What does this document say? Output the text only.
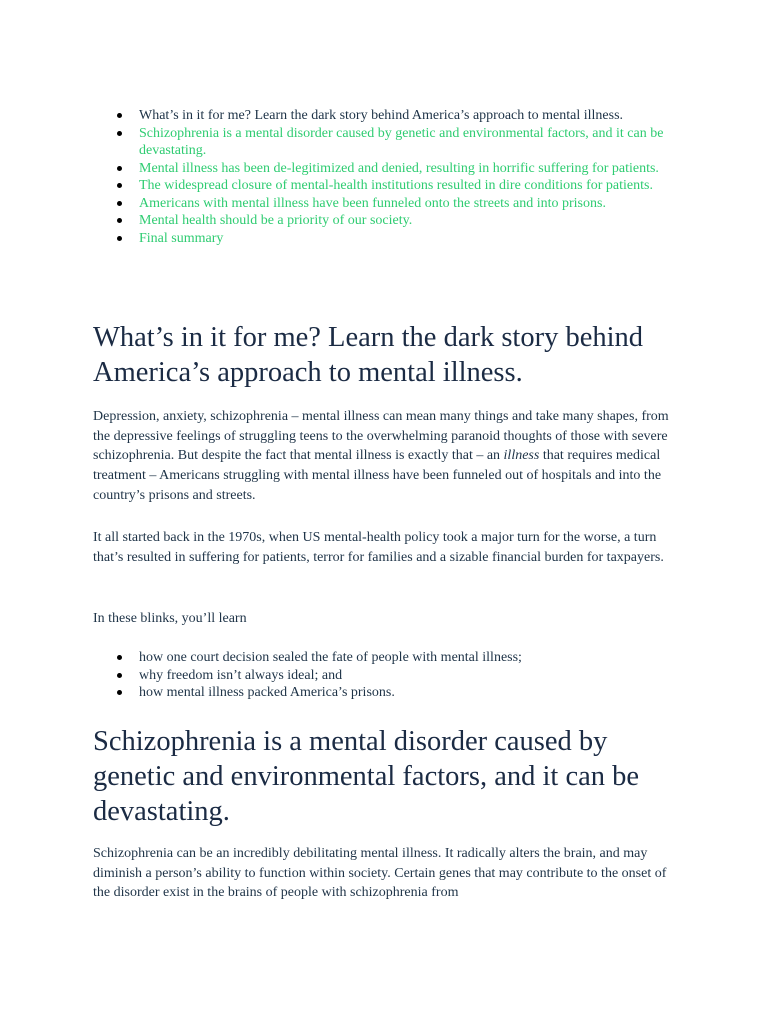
What’s in it for me? Learn the dark story behind America’s approach to mental illness.
Schizophrenia is a mental disorder caused by genetic and environmental factors, and it can be devastating.
Mental illness has been de-legitimized and denied, resulting in horrific suffering for patients.
The widespread closure of mental-health institutions resulted in dire conditions for patients.
Americans with mental illness have been funneled onto the streets and into prisons.
Mental health should be a priority of our society.
Final summary
What’s in it for me? Learn the dark story behind America’s approach to mental illness.

Depression, anxiety, schizophrenia – mental illness can mean many things and take many shapes, from the depressive feelings of struggling teens to the overwhelming paranoid thoughts of those with severe schizophrenia. But despite the fact that mental illness is exactly that – an illness that requires medical treatment – Americans struggling with mental illness have been funneled out of hospitals and into the country’s prisons and streets.

It all started back in the 1970s, when US mental-health policy took a major turn for the worse, a turn that’s resulted in suffering for patients, terror for families and a sizable financial burden for taxpayers.

In these blinks, you’ll learn

how one court decision sealed the fate of people with mental illness;
why freedom isn’t always ideal; and
how mental illness packed America’s prisons.
Schizophrenia is a mental disorder caused by genetic and environmental factors, and it can be devastating.

Schizophrenia can be an incredibly debilitating mental illness. It radically alters the brain, and may diminish a person’s ability to function within society. Certain genes that may contribute to the onset of the disorder exist in the brains of people with schizophrenia from
